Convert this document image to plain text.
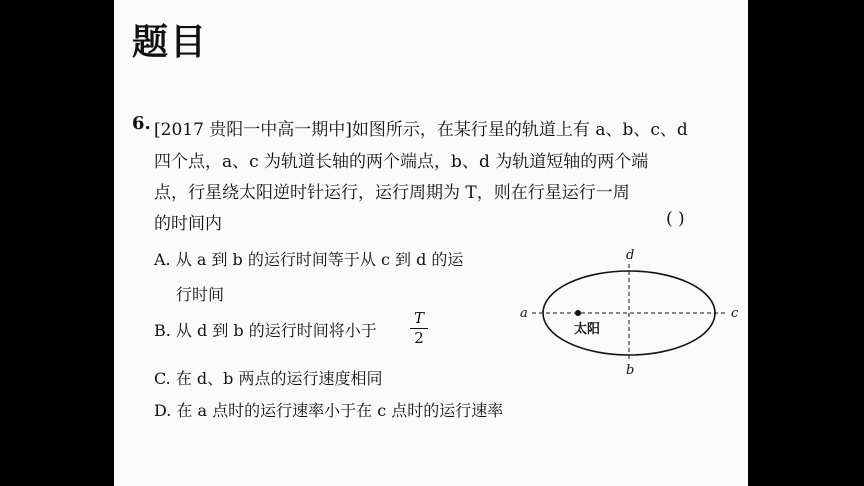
题目
6. [2017 贵阳一中高一期中]如图所示，在某行星的轨道上有 a、b、c、d
四个点，a、c 为轨道长轴的两个端点，b、d 为轨道短轴的两个端
点，行星绕太阳逆时针运行，运行周期为 T，则在行星运行一周
的时间内	( )
A. 从 a 到 b 的运行时间等于从 c 到 d 的运
行时间
B. 从 d 到 b 的运行时间将小于
T
2
C. 在 d、b 两点的运行速度相同
D. 在 a 点时的运行速率小于在 c 点时的运行速率
a	c
d
b
太阳
